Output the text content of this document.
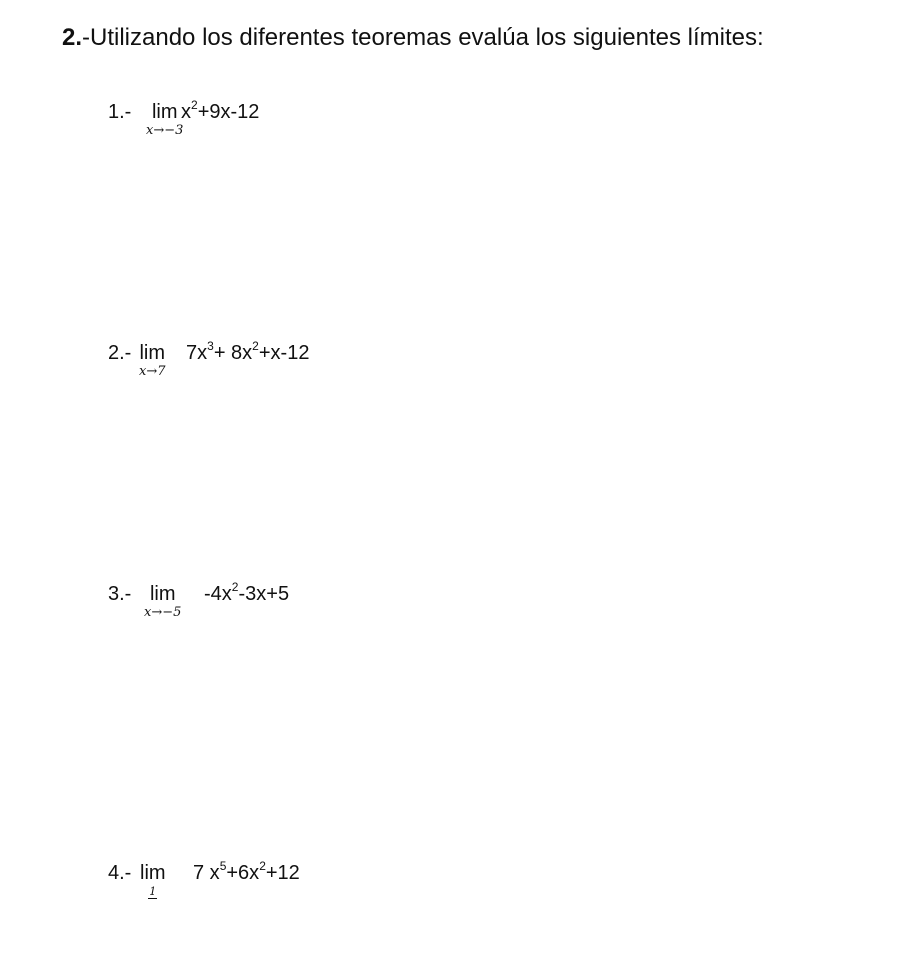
2.-Utilizando los diferentes teoremas evalúa los siguientes límites:
1.- lim
x→−3
$x^2+9x-12$
2.- lim
x→7
$7x^3+ 8x^2+x-12$
3.- lim
x→−5
$-4x^2-3x+5$
4.- lim
1
7 $x^5+6x^2+12$
